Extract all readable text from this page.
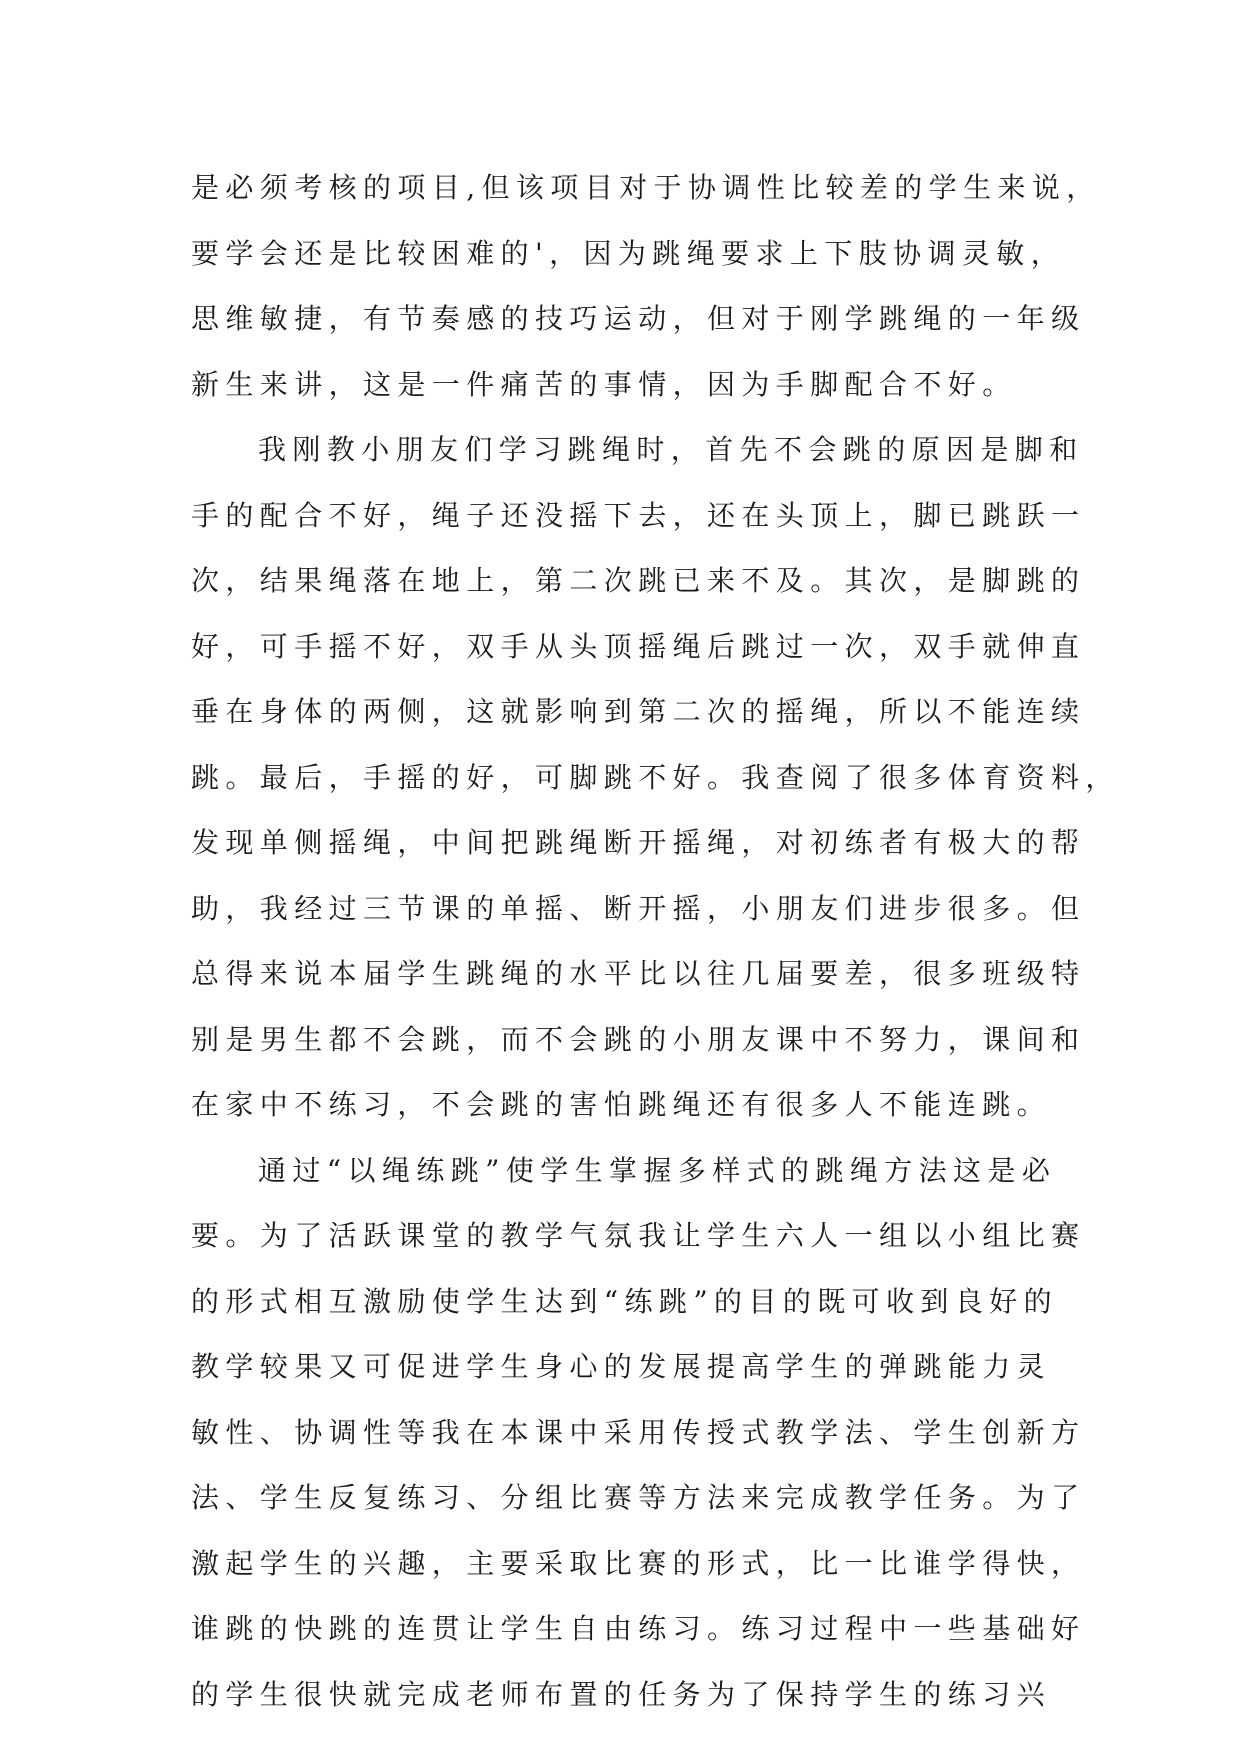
是必须考核的项目,但该项目对于协调性比较差的学生来说，
要学会还是比较困难的'，因为跳绳要求上下肢协调灵敏，
思维敏捷，有节奏感的技巧运动，但对于刚学跳绳的一年级
新生来讲，这是一件痛苦的事情，因为手脚配合不好。
我刚教小朋友们学习跳绳时，首先不会跳的原因是脚和
手的配合不好，绳子还没摇下去，还在头顶上，脚已跳跃一
次，结果绳落在地上，第二次跳已来不及。其次，是脚跳的
好，可手摇不好，双手从头顶摇绳后跳过一次，双手就伸直
垂在身体的两侧，这就影响到第二次的摇绳，所以不能连续
跳。最后，手摇的好，可脚跳不好。我查阅了很多体育资料，
发现单侧摇绳，中间把跳绳断开摇绳，对初练者有极大的帮
助，我经过三节课的单摇、断开摇，小朋友们进步很多。但
总得来说本届学生跳绳的水平比以往几届要差，很多班级特
别是男生都不会跳，而不会跳的小朋友课中不努力，课间和
在家中不练习，不会跳的害怕跳绳还有很多人不能连跳。
通过“以绳练跳”使学生掌握多样式的跳绳方法这是必
要。为了活跃课堂的教学气氛我让学生六人一组以小组比赛
的形式相互激励使学生达到“练跳”的目的既可收到良好的
教学较果又可促进学生身心的发展提高学生的弹跳能力灵
敏性、协调性等我在本课中采用传授式教学法、学生创新方
法、学生反复练习、分组比赛等方法来完成教学任务。为了
激起学生的兴趣，主要采取比赛的形式，比一比谁学得快，
谁跳的快跳的连贯让学生自由练习。练习过程中一些基础好
的学生很快就完成老师布置的任务为了保持学生的练习兴
